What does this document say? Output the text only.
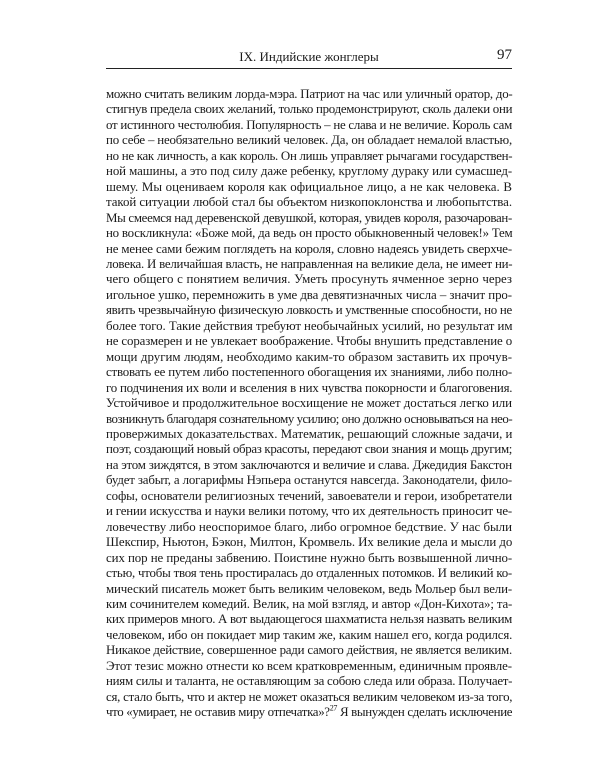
IX. Индийские жонглеры	97
можно считать великим лорда-мэра. Патриот на час или уличный оратор, до-
стигнув предела своих желаний, только продемонстрируют, сколь далеки они
от истинного честолюбия. Популярность – не слава и не величие. Король сам
по себе – необязательно великий человек. Да, он обладает немалой властью,
но не как личность, а как король. Он лишь управляет рычагами государствен-
ной машины, а это под силу даже ребенку, круглому дураку или сумасшед-
шему. Мы оцениваем короля как официальное лицо, а не как человека. В
такой ситуации любой стал бы объектом низкопоклонства и любопытства.
Мы смеемся над деревенской девушкой, которая, увидев короля, разочарован-
но воскликнула: «Боже мой, да ведь он просто обыкновенный человек!» Тем
не менее сами бежим поглядеть на короля, словно надеясь увидеть сверхче-
ловека. И величайшая власть, не направленная на великие дела, не имеет ни-
чего общего с понятием величия. Уметь просунуть ячменное зерно через
игольное ушко, перемножить в уме два девятизначных числа – значит про-
явить чрезвычайную физическую ловкость и умственные способности, но не
более того. Такие действия требуют необычайных усилий, но результат им
не соразмерен и не увлекает воображение. Чтобы внушить представление о
мощи другим людям, необходимо каким-то образом заставить их прочув-
ствовать ее путем либо постепенного обогащения их знаниями, либо полно-
го подчинения их воли и вселения в них чувства покорности и благоговения.
Устойчивое и продолжительное восхищение не может достаться легко или
возникнуть благодаря сознательному усилию; оно должно основываться на нео-
провержимых доказательствах. Математик, решающий сложные задачи, и
поэт, создающий новый образ красоты, передают свои знания и мощь другим;
на этом зиждятся, в этом заключаются и величие и слава. Джедидия Бакстон
будет забыт, а логарифмы Нэпьера останутся навсегда. Законодатели, фило-
софы, основатели религиозных течений, завоеватели и герои, изобретатели
и гении искусства и науки велики потому, что их деятельность приносит че-
ловечеству либо неоспоримое благо, либо огромное бедствие. У нас были
Шекспир, Ньютон, Бэкон, Милтон, Кромвель. Их великие дела и мысли до
сих пор не преданы забвению. Поистине нужно быть возвышенной лично-
стью, чтобы твоя тень простиралась до отдаленных потомков. И великий ко-
мический писатель может быть великим человеком, ведь Мольер был вели-
ким сочинителем комедий. Велик, на мой взгляд, и автор «Дон-Кихота»; та-
ких примеров много. А вот выдающегося шахматиста нельзя назвать великим
человеком, ибо он покидает мир таким же, каким нашел его, когда родился.
Никакое действие, совершенное ради самого действия, не является великим.
Этот тезис можно отнести ко всем кратковременным, единичным проявле-
ниям силы и таланта, не оставляющим за собою следа или образа. Получает-
ся, стало быть, что и актер не может оказаться великим человеком из-за того,
что «умирает, не оставив миру отпечатка»?$^{27}$ Я вынужден сделать исключение
